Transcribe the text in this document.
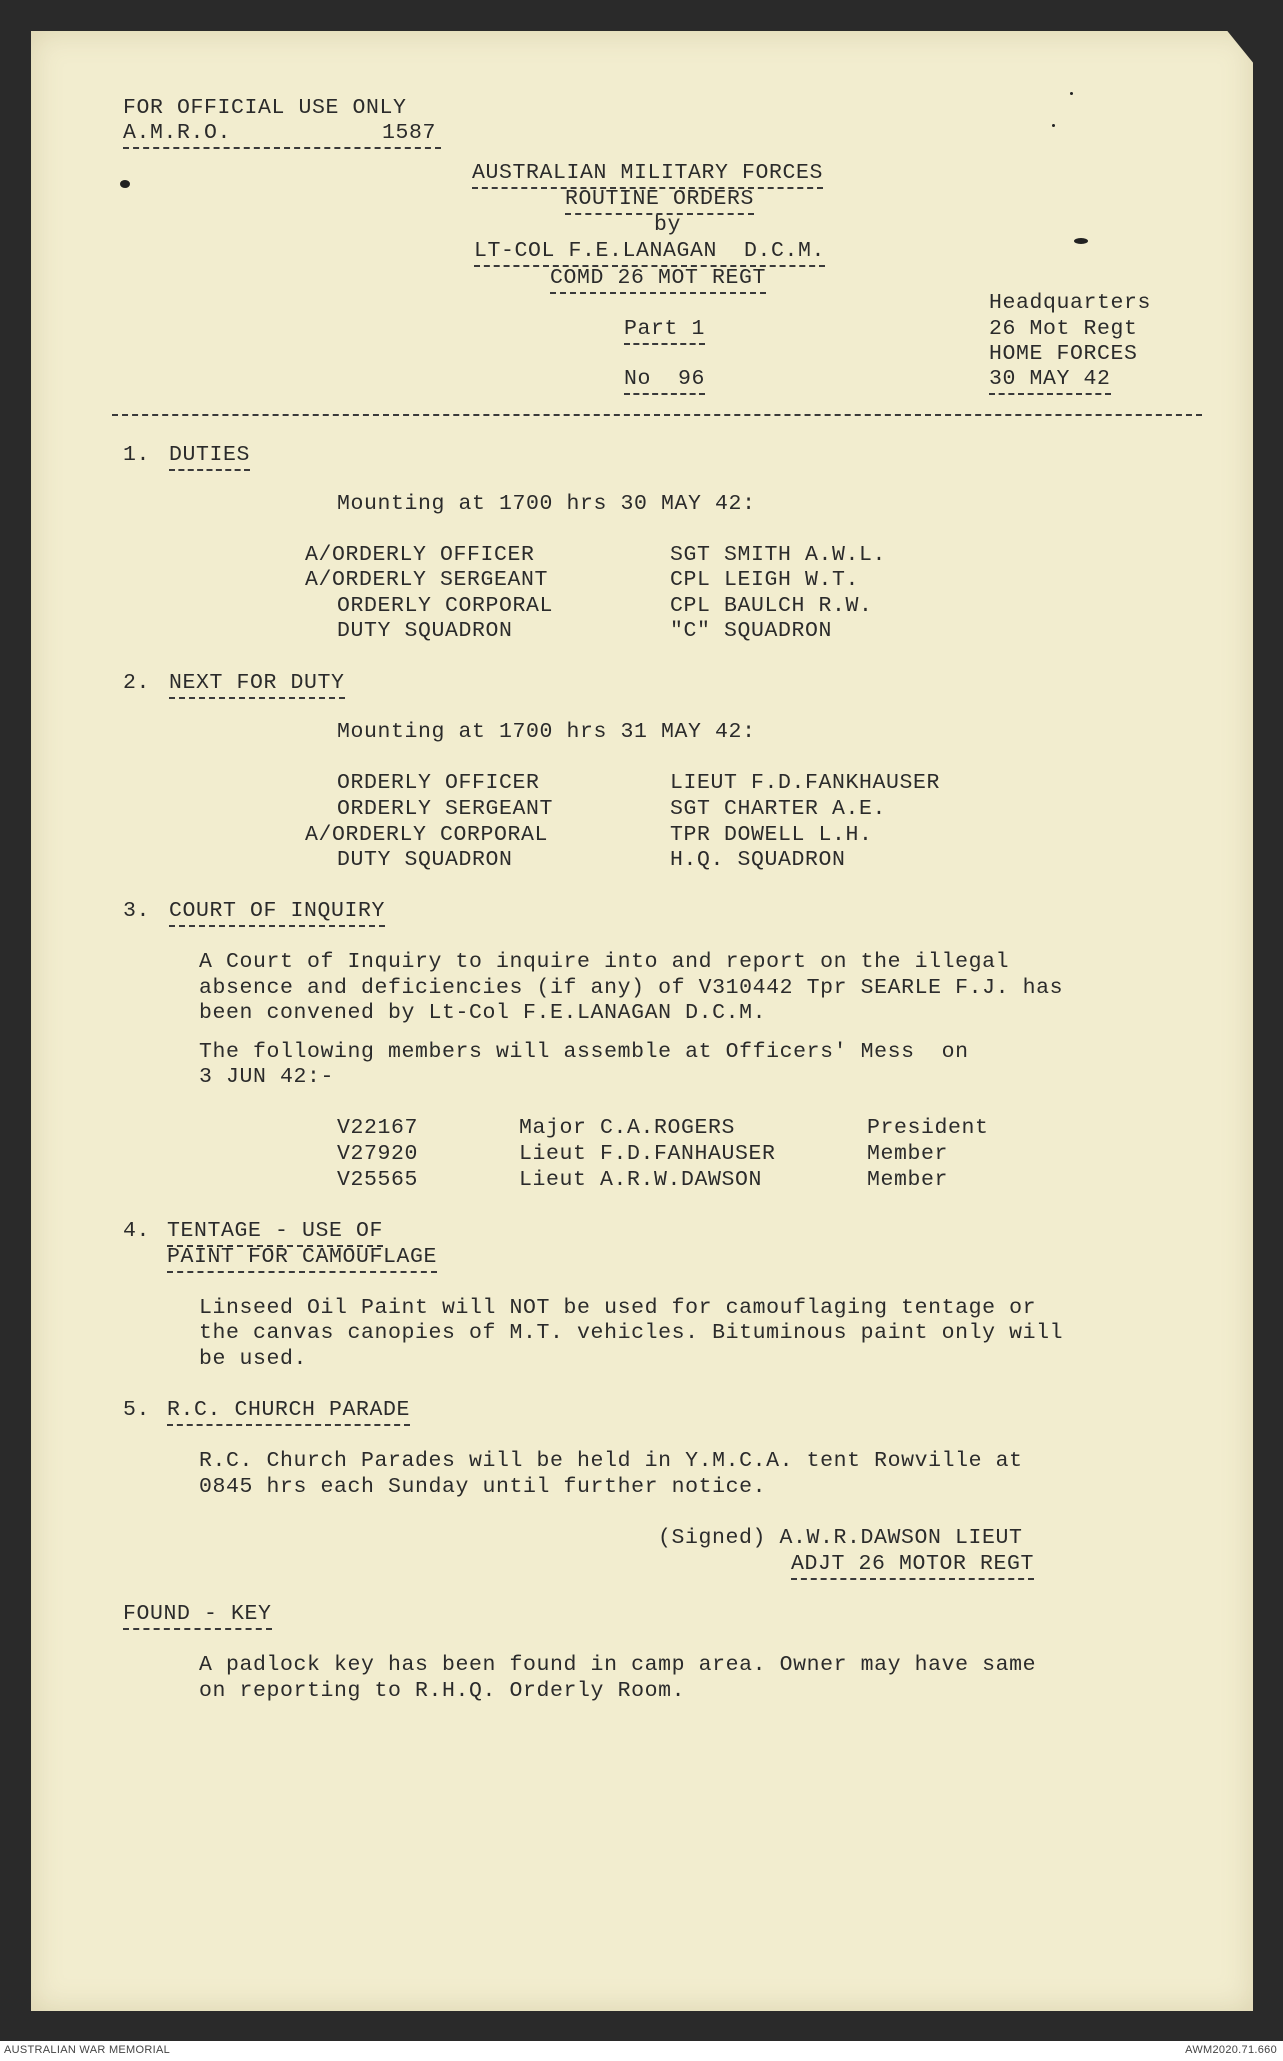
FOR OFFICIAL USE ONLY
A.M.R.O.	1587
AUSTRALIAN MILITARY FORCES
ROUTINE ORDERS
by
LT-COL F.E.LANAGAN  D.C.M.
COMD 26 MOT REGT
Part 1
No  96
Headquarters
26 Mot Regt
HOME FORCES
30 MAY 42
1. DUTIES
Mounting at 1700 hrs 30 MAY 42:
A/ORDERLY OFFICER	SGT SMITH A.W.L.
A/ORDERLY SERGEANT	CPL LEIGH W.T.
ORDERLY CORPORAL	CPL BAULCH R.W.
DUTY SQUADRON	"C" SQUADRON
2. NEXT FOR DUTY
Mounting at 1700 hrs 31 MAY 42:
ORDERLY OFFICER	LIEUT F.D.FANKHAUSER
ORDERLY SERGEANT	SGT CHARTER A.E.
A/ORDERLY CORPORAL	TPR DOWELL L.H.
DUTY SQUADRON	H.Q. SQUADRON
3. COURT OF INQUIRY
A Court of Inquiry to inquire into and report on the illegal
absence and deficiencies (if any) of V310442 Tpr SEARLE F.J. has
been convened by Lt-Col F.E.LANAGAN D.C.M.
The following members will assemble at Officers' Mess  on
3 JUN 42:-
V22167	Major C.A.ROGERS	President
V27920	Lieut F.D.FANHAUSER	Member
V25565	Lieut A.R.W.DAWSON	Member
4. TENTAGE - USE OF
PAINT FOR CAMOUFLAGE
Linseed Oil Paint will NOT be used for camouflaging tentage or
the canvas canopies of M.T. vehicles. Bituminous paint only will
be used.
5. R.C. CHURCH PARADE
R.C. Church Parades will be held in Y.M.C.A. tent Rowville at
0845 hrs each Sunday until further notice.
(Signed) A.W.R.DAWSON LIEUT
ADJT 26 MOTOR REGT
FOUND - KEY
A padlock key has been found in camp area. Owner may have same
on reporting to R.H.Q. Orderly Room.
AUSTRALIAN WAR MEMORIAL	AWM2020.71.660
